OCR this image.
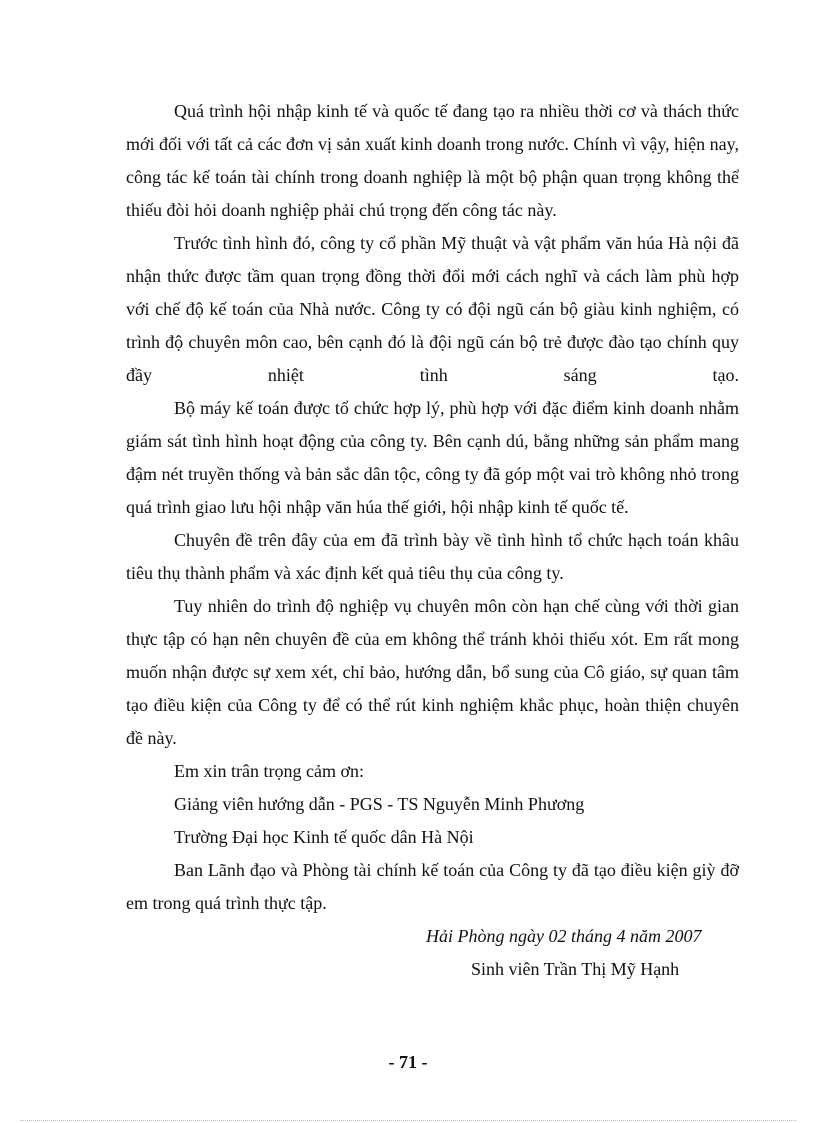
Quá trình hội nhập kinh tế và quốc tế đang tạo ra nhiều thời cơ và thách thức mới đối với tất cả các đơn vị sản xuất kinh doanh trong nước. Chính vì vậy, hiện nay, công tác kế toán tài chính trong doanh nghiệp là một bộ phận quan trọng không thể thiếu đòi hỏi doanh nghiệp phải chú trọng đến công tác này.

Trước tình hình đó, công ty cổ phần Mỹ thuật và vật phẩm văn húa Hà nội đã nhận thức được tầm quan trọng đồng thời đổi mới cách nghĩ và cách làm phù hợp với chế độ kế toán của Nhà nước. Công ty có đội ngũ cán bộ giàu kinh nghiệm, có trình độ chuyên môn cao, bên cạnh đó là đội ngũ cán bộ trẻ được đào tạo chính quy đầy nhiệt tình sáng tạo.

Bộ máy kế toán được tổ chức hợp lý, phù hợp với đặc điểm kinh doanh nhằm giám sát tình hình hoạt động của công ty. Bên cạnh dú, bằng những sản phẩm mang đậm nét truyền thống và bản sắc dân tộc, công ty đã góp một vai trò không nhỏ trong quá trình giao lưu hội nhập văn húa thế giới, hội nhập kinh tế quốc tế.

Chuyên đề trên đây của em đã trình bày về tình hình tổ chức hạch toán khâu tiêu thụ thành phẩm và xác định kết quả tiêu thụ của công ty.

Tuy nhiên do trình độ nghiệp vụ chuyên môn còn hạn chế cùng với thời gian thực tập có hạn nên chuyên đề của em không thể tránh khỏi thiếu xót. Em rất mong muốn nhận được sự xem xét, chỉ bảo, hướng dẫn, bổ sung của Cô giáo, sự quan tâm tạo điều kiện của Công ty để có thể rút kinh nghiệm khắc phục, hoàn thiện chuyên đề này.

Em xin trân trọng cảm ơn:

Giảng viên hướng dẫn - PGS - TS Nguyễn Minh Phương

Trường Đại học Kinh tế quốc dân Hà Nội

Ban Lãnh đạo và Phòng tài chính kế toán của Công ty đã tạo điều kiện giỳ đỡ em trong quá trình thực tập.

Hải Phòng ngày 02 tháng 4 năm 2007

Sinh viên Trần Thị Mỹ Hạnh

- 71 -
